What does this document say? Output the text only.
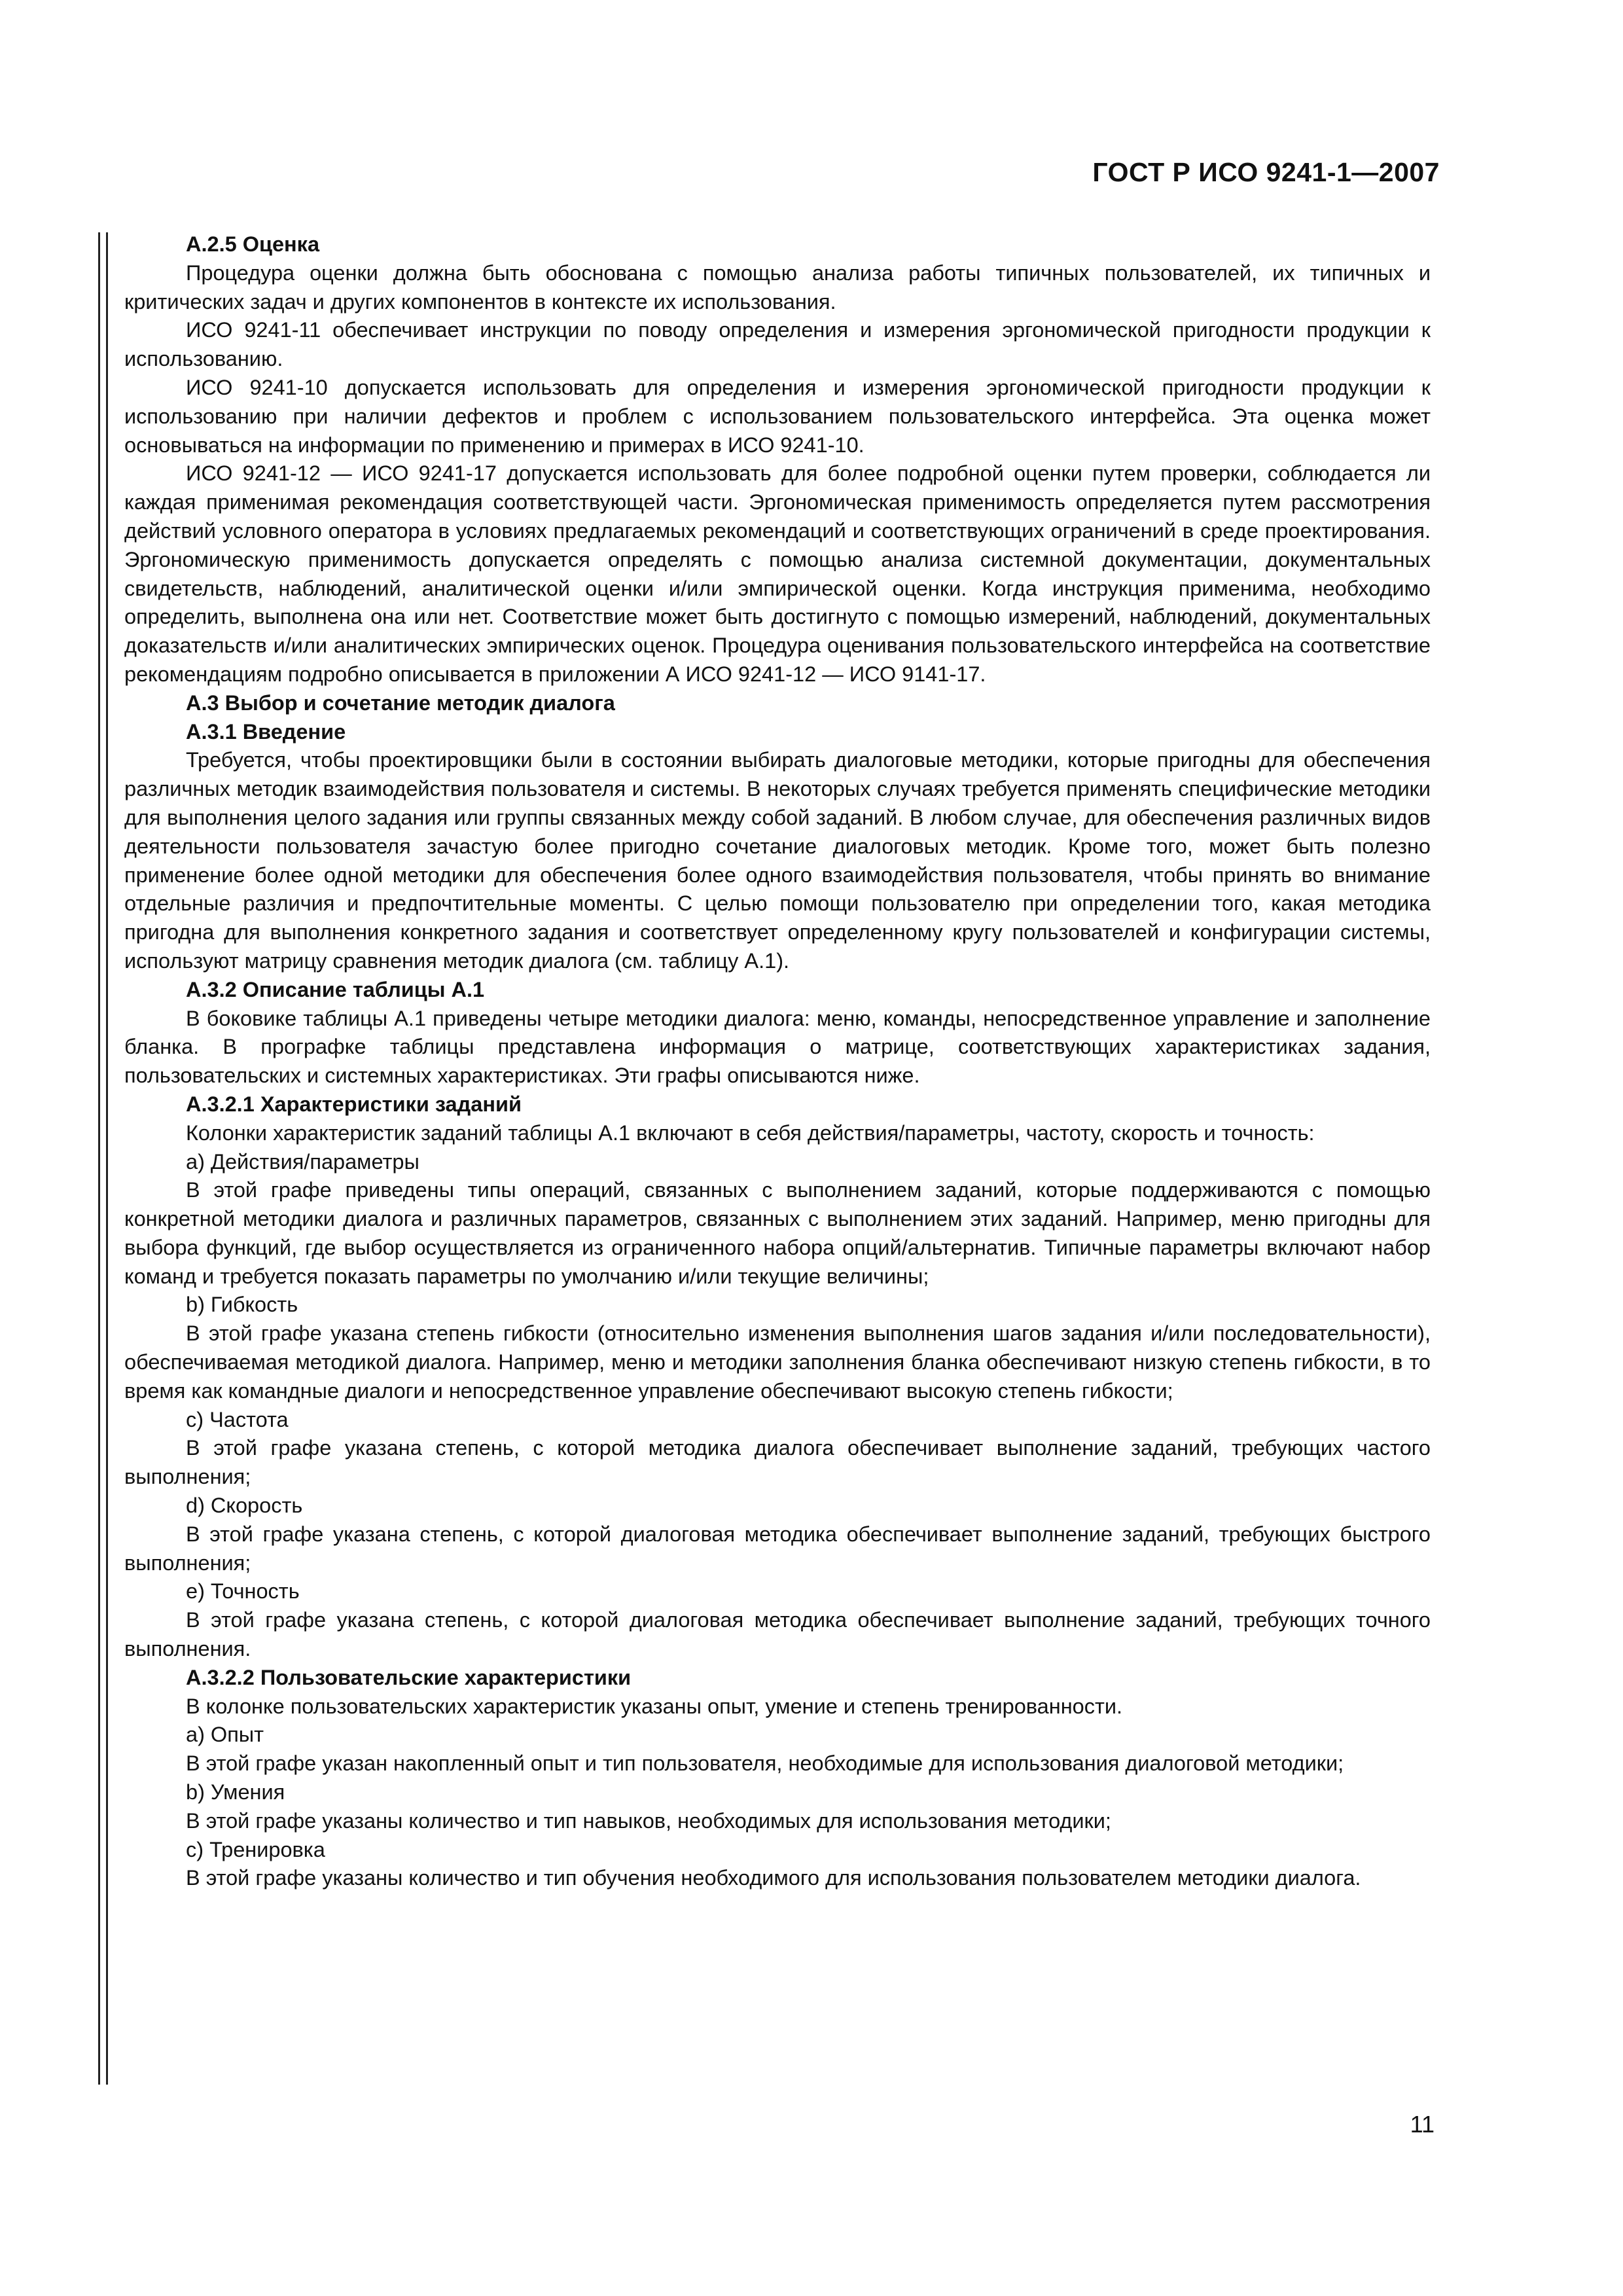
ГОСТ Р ИСО 9241-1—2007

А.2.5 Оценка

Процедура оценки должна быть обоснована с помощью анализа работы типичных пользователей, их типичных и критических задач и других компонентов в контексте их использования.

ИСО 9241-11 обеспечивает инструкции по поводу определения и измерения эргономической пригодности продукции к использованию.

ИСО 9241-10 допускается использовать для определения и измерения эргономической пригодности продукции к использованию при наличии дефектов и проблем с использованием пользовательского интерфейса. Эта оценка может основываться на информации по применению и примерах в ИСО 9241-10.

ИСО 9241-12 — ИСО 9241-17 допускается использовать для более подробной оценки путем проверки, соблюдается ли каждая применимая рекомендация соответствующей части. Эргономическая применимость определяется путем рассмотрения действий условного оператора в условиях предлагаемых рекомендаций и соответствующих ограничений в среде проектирования. Эргономическую применимость допускается определять с помощью анализа системной документации, документальных свидетельств, наблюдений, аналитической оценки и/или эмпирической оценки. Когда инструкция применима, необходимо определить, выполнена она или нет. Соответствие может быть достигнуто с помощью измерений, наблюдений, документальных доказательств и/или аналитических эмпирических оценок. Процедура оценивания пользовательского интерфейса на соответствие рекомендациям подробно описывается в приложении А ИСО 9241-12 — ИСО 9141-17.

А.3 Выбор и сочетание методик диалога

А.3.1 Введение

Требуется, чтобы проектировщики были в состоянии выбирать диалоговые методики, которые пригодны для обеспечения различных методик взаимодействия пользователя и системы. В некоторых случаях требуется применять специфические методики для выполнения целого задания или группы связанных между собой заданий. В любом случае, для обеспечения различных видов деятельности пользователя зачастую более пригодно сочетание диалоговых методик. Кроме того, может быть полезно применение более одной методики для обеспечения более одного взаимодействия пользователя, чтобы принять во внимание отдельные различия и предпочтительные моменты. С целью помощи пользователю при определении того, какая методика пригодна для выполнения конкретного задания и соответствует определенному кругу пользователей и конфигурации системы, используют матрицу сравнения методик диалога (см. таблицу А.1).

А.3.2 Описание таблицы А.1

В боковике таблицы А.1 приведены четыре методики диалога: меню, команды, непосредственное управление и заполнение бланка. В прографке таблицы представлена информация о матрице, соответствующих характеристиках задания, пользовательских и системных характеристиках. Эти графы описываются ниже.

А.3.2.1 Характеристики заданий

Колонки характеристик заданий таблицы А.1 включают в себя действия/параметры, частоту, скорость и точность:

a) Действия/параметры

В этой графе приведены типы операций, связанных с выполнением заданий, которые поддерживаются с помощью конкретной методики диалога и различных параметров, связанных с выполнением этих заданий. Например, меню пригодны для выбора функций, где выбор осуществляется из ограниченного набора опций/альтернатив. Типичные параметры включают набор команд и требуется показать параметры по умолчанию и/или текущие величины;

b) Гибкость

В этой графе указана степень гибкости (относительно изменения выполнения шагов задания и/или последовательности), обеспечиваемая методикой диалога. Например, меню и методики заполнения бланка обеспечивают низкую степень гибкости, в то время как командные диалоги и непосредственное управление обеспечивают высокую степень гибкости;

c) Частота

В этой графе указана степень, с которой методика диалога обеспечивает выполнение заданий, требующих частого выполнения;

d) Скорость

В этой графе указана степень, с которой диалоговая методика обеспечивает выполнение заданий, требующих быстрого выполнения;

e) Точность

В этой графе указана степень, с которой диалоговая методика обеспечивает выполнение заданий, требующих точного выполнения.

А.3.2.2 Пользовательские характеристики

В колонке пользовательских характеристик указаны опыт, умение и степень тренированности.

a) Опыт

В этой графе указан накопленный опыт и тип пользователя, необходимые для использования диалоговой методики;

b) Умения

В этой графе указаны количество и тип навыков, необходимых для использования методики;

c) Тренировка

В этой графе указаны количество и тип обучения необходимого для использования пользователем методики диалога.

11
